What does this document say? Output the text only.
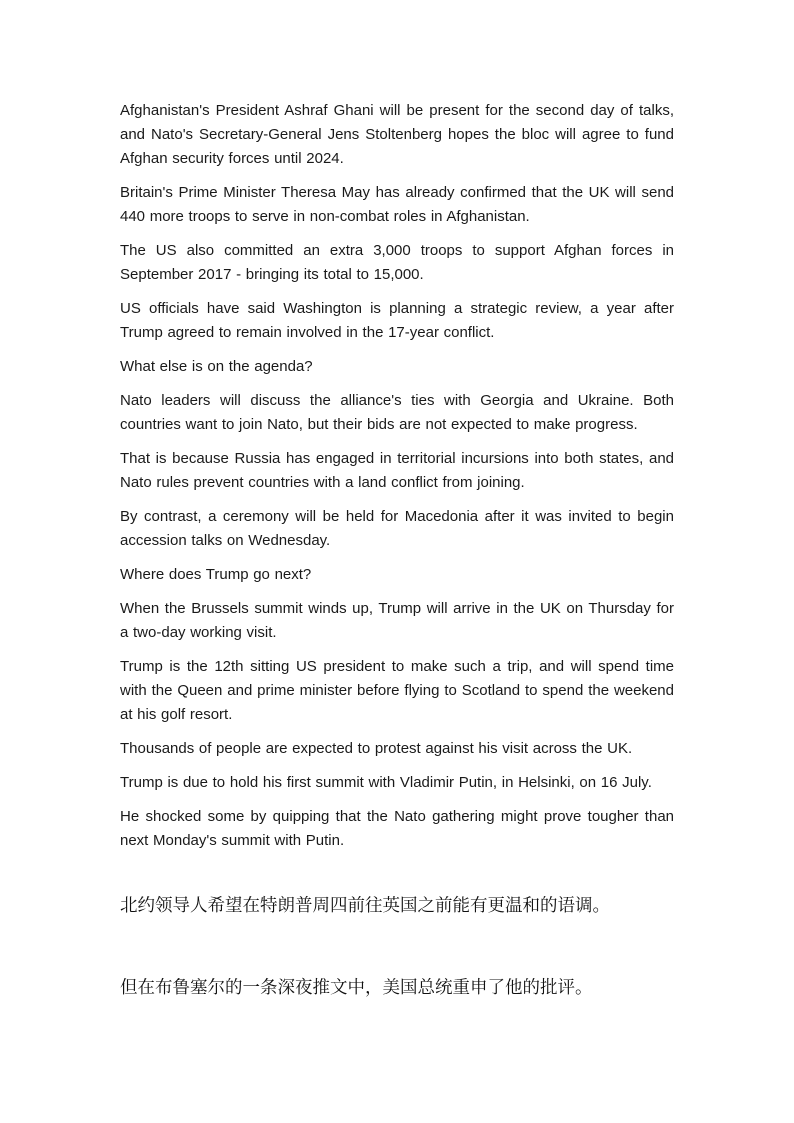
Afghanistan's President Ashraf Ghani will be present for the second day of talks, and Nato's Secretary-General Jens Stoltenberg hopes the bloc will agree to fund Afghan security forces until 2024.

Britain's Prime Minister Theresa May has already confirmed that the UK will send 440 more troops to serve in non-combat roles in Afghanistan.

The US also committed an extra 3,000 troops to support Afghan forces in September 2017 - bringing its total to 15,000.

US officials have said Washington is planning a strategic review, a year after Trump agreed to remain involved in the 17-year conflict.

What else is on the agenda?

Nato leaders will discuss the alliance's ties with Georgia and Ukraine. Both countries want to join Nato, but their bids are not expected to make progress.

That is because Russia has engaged in territorial incursions into both states, and Nato rules prevent countries with a land conflict from joining.

By contrast, a ceremony will be held for Macedonia after it was invited to begin accession talks on Wednesday.

Where does Trump go next?

When the Brussels summit winds up, Trump will arrive in the UK on Thursday for a two-day working visit.

Trump is the 12th sitting US president to make such a trip, and will spend time with the Queen and prime minister before flying to Scotland to spend the weekend at his golf resort.

Thousands of people are expected to protest against his visit across the UK.

Trump is due to hold his first summit with Vladimir Putin, in Helsinki, on 16 July.

He shocked some by quipping that the Nato gathering might prove tougher than next Monday's summit with Putin.

北约领导人希望在特朗普周四前往英国之前能有更温和的语调。

但在布鲁塞尔的一条深夜推文中，美国总统重申了他的批评。
